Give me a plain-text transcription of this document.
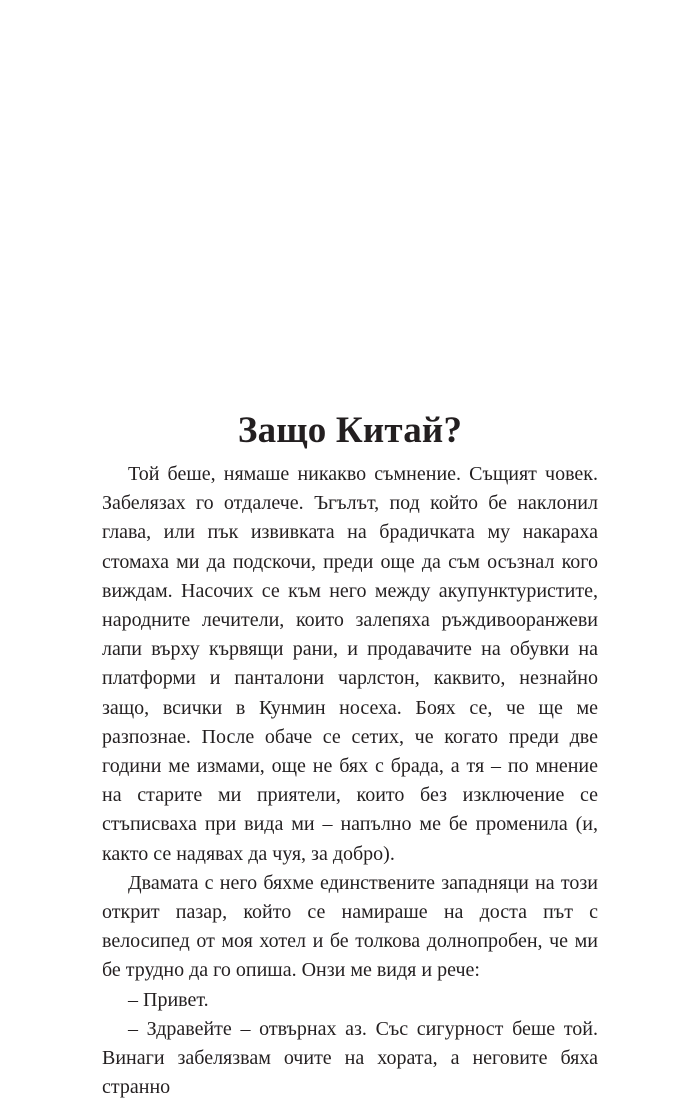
Защо Китай?

Той беше, нямаше никакво съмнение. Същият човек. Забелязах го отдалече. Ъгълът, под който бе наклонил глава, или пък извивката на брадичката му накараха стомаха ми да подскочи, преди още да съм осъзнал кого виждам. Насочих се към него между акупунктуристите, народните лечители, които залепяха ръждивооранжеви лапи върху кървящи рани, и продавачите на обувки на платформи и панталони чарлстон, каквито, незнайно защо, всички в Кунмин носеха. Боях се, че ще ме разпознае. После обаче се сетих, че когато преди две години ме измами, още не бях с брада, а тя – по мнение на старите ми приятели, които без изключение се стъписваха при вида ми – напълно ме бе променила (и, както се надявах да чуя, за добро).

Двамата с него бяхме единствените западняци на този открит пазар, който се намираше на доста път с велосипед от моя хотел и бе толкова долнопробен, че ми бе трудно да го опиша. Онзи ме видя и рече:

– Привет.

– Здравейте – отвърнах аз. Със сигурност беше той. Винаги забелязвам очите на хората, а неговите бяха странно
